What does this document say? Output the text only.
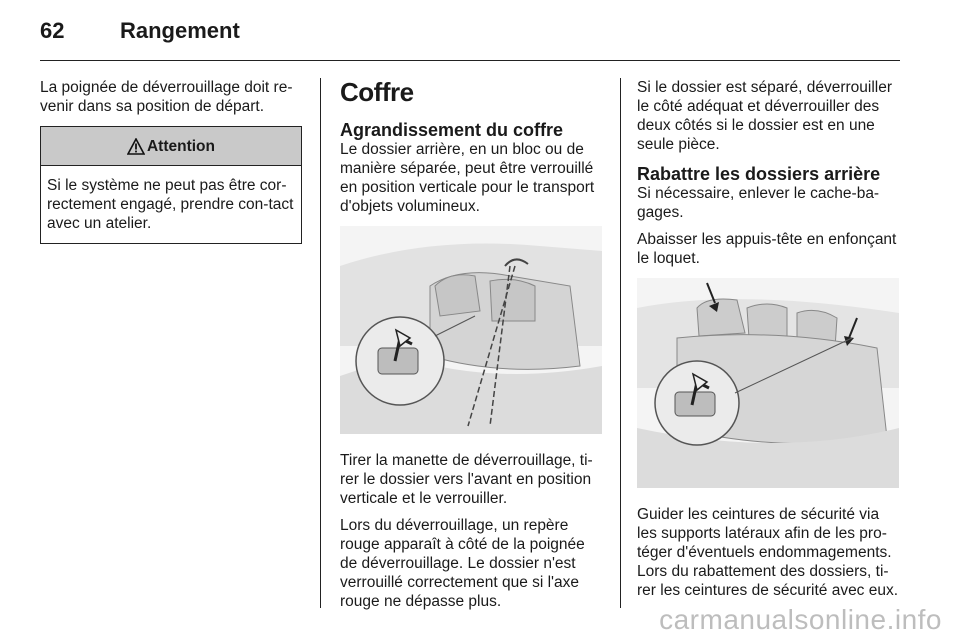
62	Rangement

La poignée de déverrouillage doit re-venir dans sa position de départ.

Attention
Si le système ne peut pas être cor-rectement engagé, prendre con-tact avec un atelier.
Coffre
Agrandissement du coffre

Le dossier arrière, en un bloc ou de manière séparée, peut être verrouillé en position verticale pour le transport d'objets volumineux.

Tirer la manette de déverrouillage, ti-rer le dossier vers l'avant en position verticale et le verrouiller.

Lors du déverrouillage, un repère rouge apparaît à côté de la poignée de déverrouillage. Le dossier n'est verrouillé correctement que si l'axe rouge ne dépasse plus.

Si le dossier est séparé, déverrouiller le côté adéquat et déverrouiller des deux côtés si le dossier est en une seule pièce.

Rabattre les dossiers arrière

Si nécessaire, enlever le cache-ba-gages.

Abaisser les appuis-tête en enfonçant le loquet.

Guider les ceintures de sécurité via les supports latéraux afin de les pro-téger d'éventuels endommagements. Lors du rabattement des dossiers, ti-rer les ceintures de sécurité avec eux.

carmanualsonline.info
